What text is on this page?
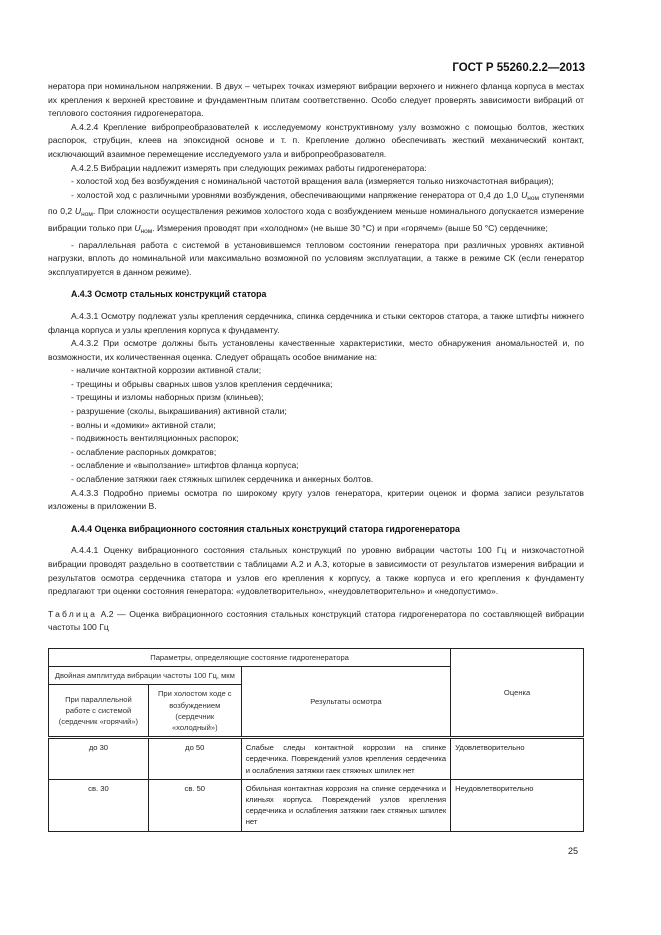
ГОСТ Р 55260.2.2—2013

нератора при номинальном напряжении. В двух – четырех точках измеряют вибрации верхнего и нижнего фланца корпуса в местах их крепления к верхней крестовине и фундаментным плитам соответственно. Особо следует проверять зависимости вибраций от теплового состояния гидрогенератора.

А.4.2.4 Крепление вибропреобразователей к исследуемому конструктивному узлу возможно с помощью болтов, жестких распорок, струбцин, клеев на эпоксидной основе и т. п. Крепление должно обеспечивать жесткий механический контакт, исключающий взаимное перемещение исследуемого узла и вибропреобразователя.

А.4.2.5 Вибрации надлежит измерять при следующих режимах работы гидрогенератора:

- холостой ход без возбуждения с номинальной частотой вращения вала (измеряется только низкочастотная вибрация);

- холостой ход с различными уровнями возбуждения, обеспечивающими напряжение генератора от 0,4 до 1,0 $U_{ном}$ ступенями по 0,2 $U_{ном}$. При сложности осуществления режимов холостого хода с возбуждением меньше номинального допускается измерение вибрации только при $U_{ном}$. Измерения проводят при «холодном» (не выше 30 °С) и при «горячем» (выше 50 °С) сердечнике;

- параллельная работа с системой в установившемся тепловом состоянии генератора при различных уровнях активной нагрузки, вплоть до номинальной или максимально возможной по условиям эксплуатации, а также в режиме СК (если генератор эксплуатируется в данном режиме).

А.4.3 Осмотр стальных конструкций статора

А.4.3.1 Осмотру подлежат узлы крепления сердечника, спинка сердечника и стыки секторов статора, а также штифты нижнего фланца корпуса и узлы крепления корпуса к фундаменту.

А.4.3.2 При осмотре должны быть установлены качественные характеристики, место обнаружения аномальностей и, по возможности, их количественная оценка. Следует обращать особое внимание на:

- наличие контактной коррозии активной стали;

- трещины и обрывы сварных швов узлов крепления сердечника;

- трещины и изломы наборных призм (клиньев);

- разрушение (сколы, выкрашивания) активной стали;

- волны и «домики» активной стали;

- подвижность вентиляционных распорок;

- ослабление распорных домкратов;

- ослабление и «выползание» штифтов фланца корпуса;

- ослабление затяжки гаек стяжных шпилек сердечника и анкерных болтов.

А.4.3.3 Подробно приемы осмотра по широкому кругу узлов генератора, критерии оценок и форма записи результатов изложены в приложении В.

А.4.4 Оценка вибрационного состояния стальных конструкций статора гидрогенератора

А.4.4.1 Оценку вибрационного состояния стальных конструкций по уровню вибрации частоты 100 Гц и низкочастотной вибрации проводят раздельно в соответствии с таблицами А.2 и А.3, которые в зависимости от результатов измерения вибрации и результатов осмотра сердечника статора и узлов его крепления к корпусу, а также корпуса и его крепления к фундаменту предлагают три оценки состояния генератора: «удовлетворительно», «неудовлетворительно» и «недопустимо».

Таблица А.2 — Оценка вибрационного состояния стальных конструкций статора гидрогенератора по составляющей вибрации частоты 100 Гц

Параметры, определяющие состояние гидрогенератора			Оценка
Двойная амплитуда вибрации частоты 100 Гц, мкм		Результаты осмотра	
При параллельной работе с системой (сердечник «горячий»)	При холостом ходе с возбуждением (сердечник «холодный»)		
до 30	до 50	Слабые следы контактной коррозии на спинке сердечника. Повреждений узлов крепления сердечника и ослабления затяжки гаек стяжных шпилек нет	Удовлетворительно
св. 30	св. 50	Обильная контактная коррозия на спинке сердечника и клиньях корпуса. Повреждений узлов крепления сердечника и ослабления затяжки гаек стяжных шпилек нет	Неудовлетворительно
25
